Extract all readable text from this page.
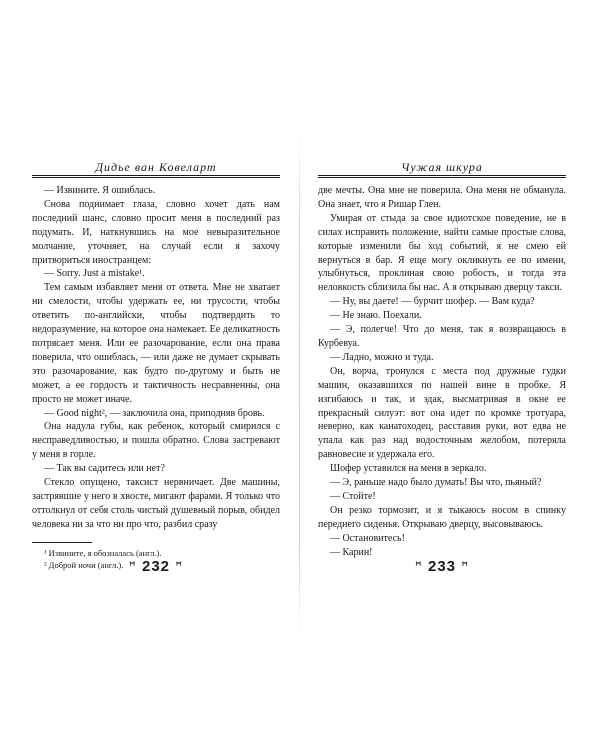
Дидье ван Ковеларт

— Извините. Я ошиблась.

Снова поднимает глаза, словно хочет дать нам последний шанс, словно просит меня в последний раз подумать. И, наткнувшись на мое невыразительное молчание, уточняет, на случай если я захочу притвориться иностранцем:

— Sorry. Just a mistake¹.

Тем самым избавляет меня от ответа. Мне не хватает ни смелости, чтобы удержать ее, ни трусости, чтобы ответить по-английски, чтобы подтвердить то недоразумение, на которое она намекает. Ее деликатность потрясает меня. Или ее разочарование, если она права поверила, что ошиблась, — или даже не думает скрывать это разочарование, как будто по-другому и быть не может, а ее гордость и тактичность несравненны, она просто не может иначе.

— Good night², — заключила она, приподняв бровь.

Она надула губы, как ребенок, который смирился с несправедливостью, и пошла обратно. Слова застревают у меня в горле.

— Так вы садитесь или нет?

Стекло опущено, таксист нервничает. Две машины, застрявшие у него в хвосте, мигают фарами. Я только что оттолкнул от себя столь чистый душевный порыв, обидел человека ни за что ни про что, разбил сразу

¹ Извините, я обозналась (англ.).
² Доброй ночи (англ.). ꟸ 232 ꟸ
Чужая шкура

две мечты. Она мне не поверила. Она меня не обманула. Она знает, что я Ришар Глен.

Умирая от стыда за свое идиотское поведение, не в силах исправить положение, найти самые простые слова, которые изменили бы ход событий, я не смею ей вернуться в бар. Я еще могу окликнуть ее по имени, улыбнуться, проклиная свою робость, и тогда эта неловкость сблизила бы нас. А я открываю дверцу такси.

— Ну, вы даете! — бурчит шофер. — Вам куда?

— Не знаю. Поехали.

— Э, полегче! Что до меня, так я возвращаюсь в Курбевуа.

— Ладно, можно и туда.

Он, ворча, тронулся с места под дружные гудки машин, оказавшихся по нашей вине в пробке. Я изгибаюсь и так, и эдак, высматривая в окне ее прекрасный силуэт: вот она идет по кромке тротуара, неверно, как канатоходец, расставив руки, вот едва не упала как раз над водосточным желобом, потеряла равновесие и удержала его.

Шофер уставился на меня в зеркало.

— Э, раньше надо было думать! Вы что, пьяный?

— Стойте!

Он резко тормозит, и я тыкаюсь носом в спинку переднего сиденья. Открываю дверцу, высовываюсь.

— Остановитесь!

— Карин!

ꟸ 233 ꟸ
